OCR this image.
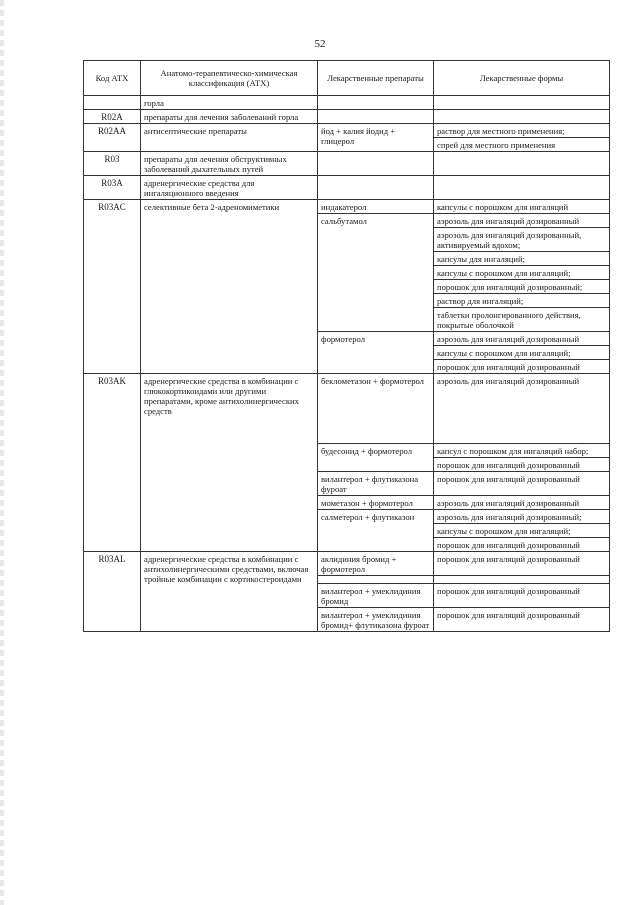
52
Код АТХ	Анатомо-терапевтическо-химическая классификация (АТХ)	Лекарственные препараты	Лекарственные формы
	горла		
R02A	препараты для лечения заболеваний горла		
R02AA	антисептические препараты	йод + калия йодид + глицерол	раствор для местного применения;
			спрей для местного применения
R03	препараты для лечения обструктивных заболеваний дыхательных путей		
R03A	адренергические средства для ингаляционного введения		
R03AC	селективные бета 2-адреномиметики	индакатерол	капсулы с порошком для ингаляций
		сальбутамол	аэрозоль для ингаляций дозированный
			аэрозоль для ингаляций дозированный, активируемый вдохом;
			капсулы для ингаляций;
			капсулы с порошком для ингаляций;
			порошок для ингаляций дозированный;
			раствор для ингаляций;
			таблетки пролонгированного действия, покрытые оболочкой
		формотерол	аэрозоль для ингаляций дозированный
			капсулы с порошком для ингаляций;
			порошок для ингаляций дозированный
R03AK	адренергические средства в комбинации с глюкокортикоидами или другими препаратами, кроме антихолинергических средств	беклометазон + формотерол	аэрозоль для ингаляций дозированный
		будесонид + формотерол	капсул с порошком для ингаляций набор;
			порошок для ингаляций дозированный
		вилантерол + флутиказона фуроат	порошок для ингаляций дозированный
		мометазон + формотерол	аэрозоль для ингаляций дозированный
		салметерол + флутиказон	аэрозоль для ингаляций дозированный;
			капсулы с порошком для ингаляций;
			порошок для ингаляций дозированный

R03AL	адренергические средства в комбинации с антихолинергическими средствами, включая тройные комбинации с кортикостероидами	аклидиния бромид + формотерол	порошок для ингаляций дозированный

		вилантерол + умеклидиния бромид	порошок для ингаляций дозированный
		вилантерол + умеклидиния бромид+ флутиказона фуроат	порошок для ингаляций дозированный
